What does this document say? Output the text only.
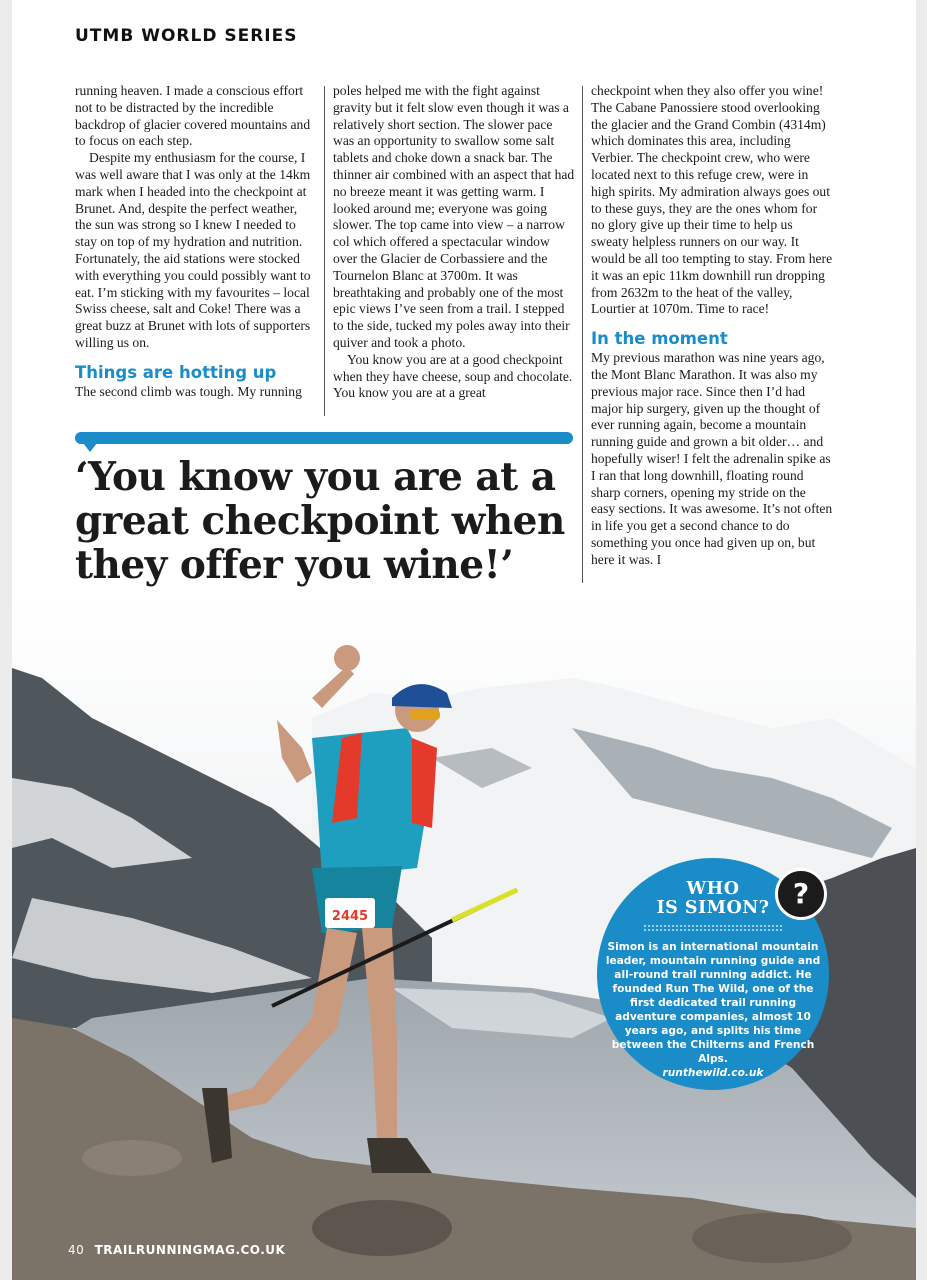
UTMB WORLD SERIES

running heaven. I made a conscious effort not to be distracted by the incredible backdrop of glacier covered mountains and to focus on each step.

Despite my enthusiasm for the course, I was well aware that I was only at the 14km mark when I headed into the checkpoint at Brunet. And, despite the perfect weather, the sun was strong so I knew I needed to stay on top of my hydration and nutrition. Fortunately, the aid stations were stocked with everything you could possibly want to eat. I’m sticking with my favourites – local Swiss cheese, salt and Coke! There was a great buzz at Brunet with lots of supporters willing us on.

Things are hotting up

The second climb was tough. My running

poles helped me with the fight against gravity but it felt slow even though it was a relatively short section. The slower pace was an opportunity to swallow some salt tablets and choke down a snack bar. The thinner air combined with an aspect that had no breeze meant it was getting warm. I looked around me; everyone was going slower. The top came into view – a narrow col which offered a spectacular window over the Glacier de Corbassiere and the Tournelon Blanc at 3700m. It was breathtaking and probably one of the most epic views I’ve seen from a trail. I stepped to the side, tucked my poles away into their quiver and took a photo.

You know you are at a good checkpoint when they have cheese, soup and chocolate. You know you are at a great

checkpoint when they also offer you wine! The Cabane Panossiere stood overlooking the glacier and the Grand Combin (4314m) which dominates this area, including Verbier. The checkpoint crew, who were located next to this refuge crew, were in high spirits. My admiration always goes out to these guys, they are the ones whom for no glory give up their time to help us sweaty helpless runners on our way. It would be all too tempting to stay. From here it was an epic 11km downhill run dropping from 2632m to the heat of the valley, Lourtier at 1070m. Time to race!

In the moment

My previous marathon was nine years ago, the Mont Blanc Marathon. It was also my previous major race. Since then I’d had major hip surgery, given up the thought of ever running again, become a mountain running guide and grown a bit older… and hopefully wiser! I felt the adrenalin spike as I ran that long downhill, floating round sharp corners, opening my stride on the easy sections. It was awesome. It’s not often in life you get a second chance to do something you once had given up on, but here it was. I

‘You know you are at a great checkpoint when they offer you wine!’
2445
WHO
IS SIMON?
Simon is an international mountain leader, mountain running guide and all-round trail running addict. He founded Run The Wild, one of the first dedicated trail running adventure companies, almost 10 years ago, and splits his time between the Chilterns and French Alps.
runthewild.co.uk
?
40 TRAILRUNNINGMAG.CO.UK
